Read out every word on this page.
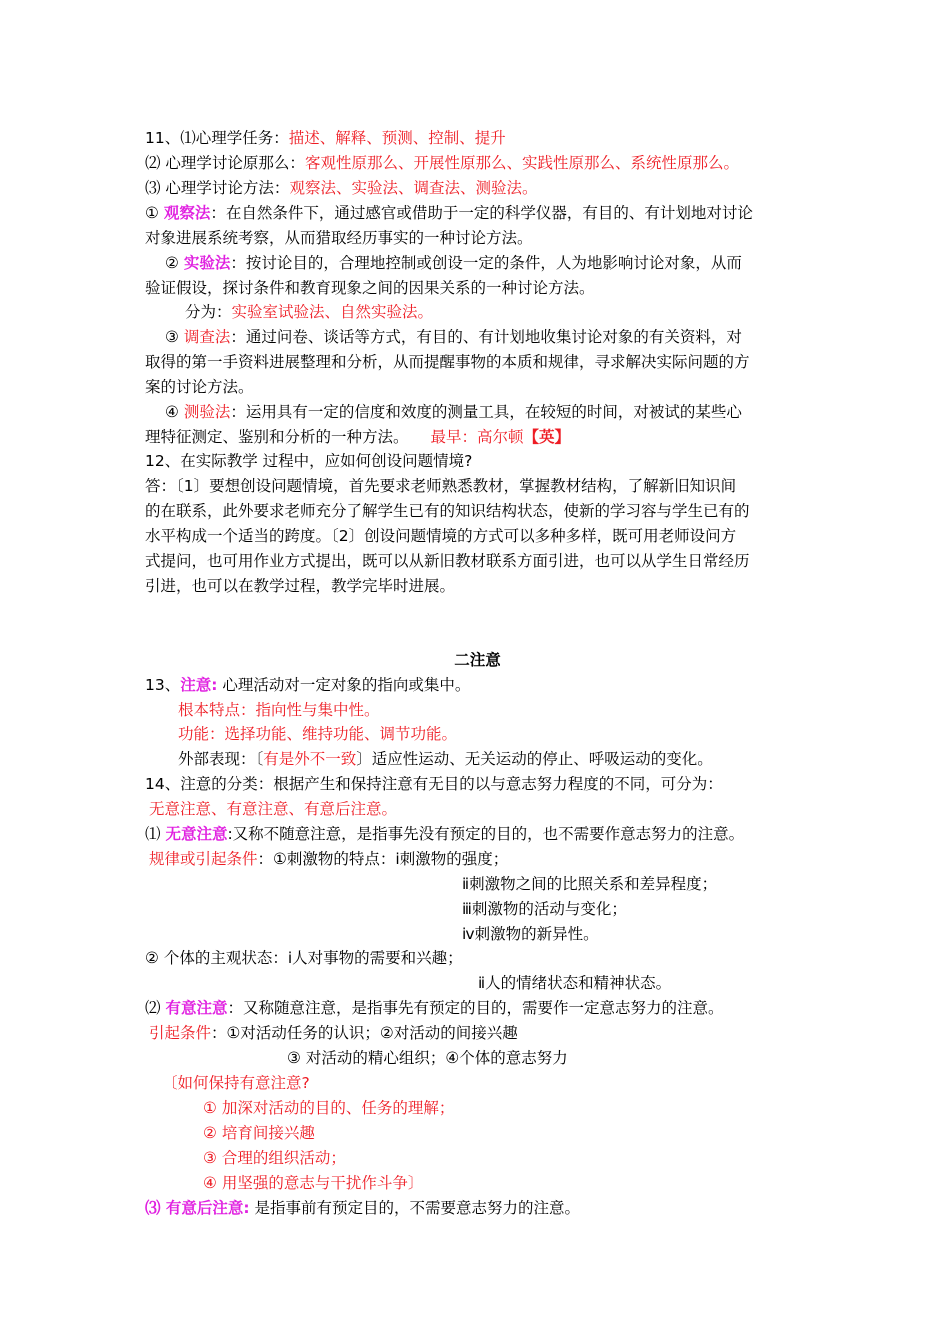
11、⑴心理学任务：描述、解释、预测、控制、提升
⑵ 心理学讨论原那么：客观性原那么、开展性原那么、实践性原那么、系统性原那么。
⑶ 心理学讨论方法：观察法、实验法、调查法、测验法。
① 观察法：在自然条件下，通过感官或借助于一定的科学仪器，有目的、有计划地对讨论
对象进展系统考察，从而猎取经历事实的一种讨论方法。
② 实验法：按讨论目的，合理地控制或创设一定的条件，人为地影响讨论对象，从而
验证假设，探讨条件和教育现象之间的因果关系的一种讨论方法。
分为：实验室试验法、自然实验法。
③ 调查法：通过问卷、谈话等方式，有目的、有计划地收集讨论对象的有关资料，对
取得的第一手资料进展整理和分析，从而提醒事物的本质和规律，寻求解决实际问题的方
案的讨论方法。
④ 测验法：运用具有一定的信度和效度的测量工具，在较短的时间，对被试的某些心
理特征测定、鉴别和分析的一种方法。 最早：高尔顿【英】
12、在实际教学 过程中，应如何创设问题情境?
答：〔1〕要想创设问题情境，首先要求老师熟悉教材，掌握教材结构，了解新旧知识间
的在联系，此外要求老师充分了解学生已有的知识结构状态，使新的学习容与学生已有的
水平构成一个适当的跨度。〔2〕创设问题情境的方式可以多种多样，既可用老师设问方
式提问，也可用作业方式提出，既可以从新旧教材联系方面引进，也可以从学生日常经历
引进，也可以在教学过程，教学完毕时进展。
二注意
13、注意: 心理活动对一定对象的指向或集中。
根本特点：指向性与集中性。
功能：选择功能、维持功能、调节功能。
外部表现：〔有是外不一致〕适应性运动、无关运动的停止、呼吸运动的变化。
14、注意的分类：根据产生和保持注意有无目的以与意志努力程度的不同，可分为：
无意注意、有意注意、有意后注意。
⑴ 无意注意:又称不随意注意，是指事先没有预定的目的，也不需要作意志努力的注意。
规律或引起条件：①刺激物的特点：ⅰ刺激物的强度；
ⅱ刺激物之间的比照关系和差异程度；
ⅲ刺激物的活动与变化；
ⅳ刺激物的新异性。
② 个体的主观状态：ⅰ人对事物的需要和兴趣；
ⅱ人的情绪状态和精神状态。
⑵ 有意注意：又称随意注意，是指事先有预定的目的，需要作一定意志努力的注意。
引起条件：①对活动任务的认识；②对活动的间接兴趣
③ 对活动的精心组织；④个体的意志努力
〔如何保持有意注意?
① 加深对活动的目的、任务的理解；
② 培育间接兴趣
③ 合理的组织活动；
④ 用坚强的意志与干扰作斗争〕
⑶ 有意后注意: 是指事前有预定目的，不需要意志努力的注意。
